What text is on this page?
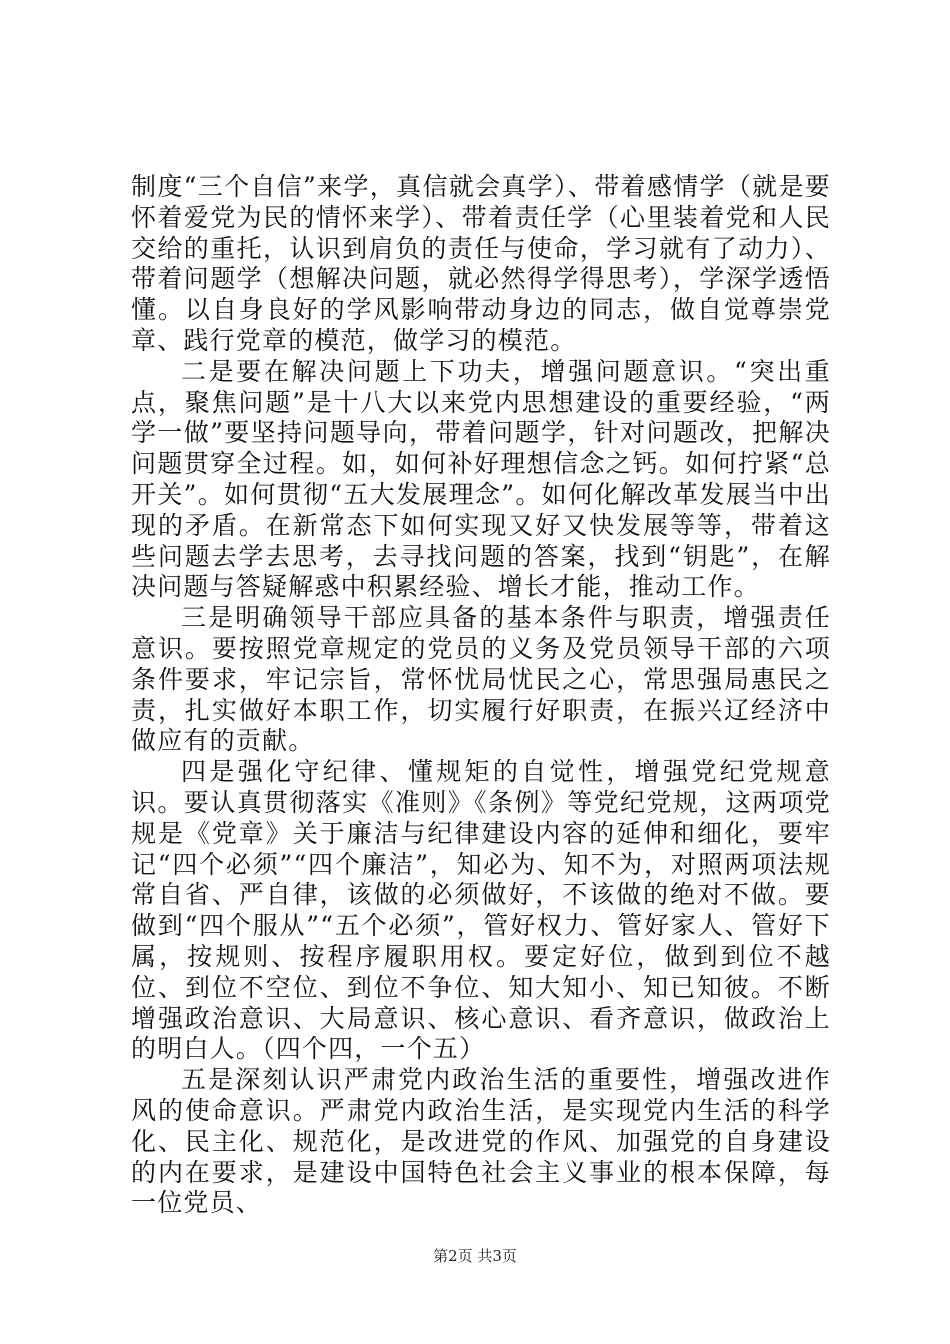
制度“三个自信”来学，真信就会真学）、带着感情学（就是要怀着爱党为民的情怀来学）、带着责任学（心里装着党和人民交给的重托，认识到肩负的责任与使命，学习就有了动力）、带着问题学（想解决问题，就必然得学得思考），学深学透悟懂。以自身良好的学风影响带动身边的同志，做自觉尊崇党章、践行党章的模范，做学习的模范。

二是要在解决问题上下功夫，增强问题意识。“突出重点，聚焦问题”是十八大以来党内思想建设的重要经验，“两学一做”要坚持问题导向，带着问题学，针对问题改，把解决问题贯穿全过程。如，如何补好理想信念之钙。如何拧紧“总开关”。如何贯彻“五大发展理念”。如何化解改革发展当中出现的矛盾。在新常态下如何实现又好又快发展等等，带着这些问题去学去思考，去寻找问题的答案，找到“钥匙”，在解决问题与答疑解惑中积累经验、增长才能，推动工作。

三是明确领导干部应具备的基本条件与职责，增强责任意识。要按照党章规定的党员的义务及党员领导干部的六项条件要求，牢记宗旨，常怀忧局忧民之心，常思强局惠民之责，扎实做好本职工作，切实履行好职责，在振兴辽经济中做应有的贡献。

四是强化守纪律、懂规矩的自觉性，增强党纪党规意识。要认真贯彻落实《准则》《条例》等党纪党规，这两项党规是《党章》关于廉洁与纪律建设内容的延伸和细化，要牢记“四个必须”“四个廉洁”，知必为、知不为，对照两项法规常自省、严自律，该做的必须做好，不该做的绝对不做。要做到“四个服从”“五个必须”，管好权力、管好家人、管好下属，按规则、按程序履职用权。要定好位，做到到位不越位、到位不空位、到位不争位、知大知小、知已知彼。不断增强政治意识、大局意识、核心意识、看齐意识，做政治上的明白人。（四个四，一个五）

五是深刻认识严肃党内政治生活的重要性，增强改进作风的使命意识。严肃党内政治生活，是实现党内生活的科学化、民主化、规范化，是改进党的作风、加强党的自身建设的内在要求，是建设中国特色社会主义事业的根本保障，每一位党员、

第2页 共3页
